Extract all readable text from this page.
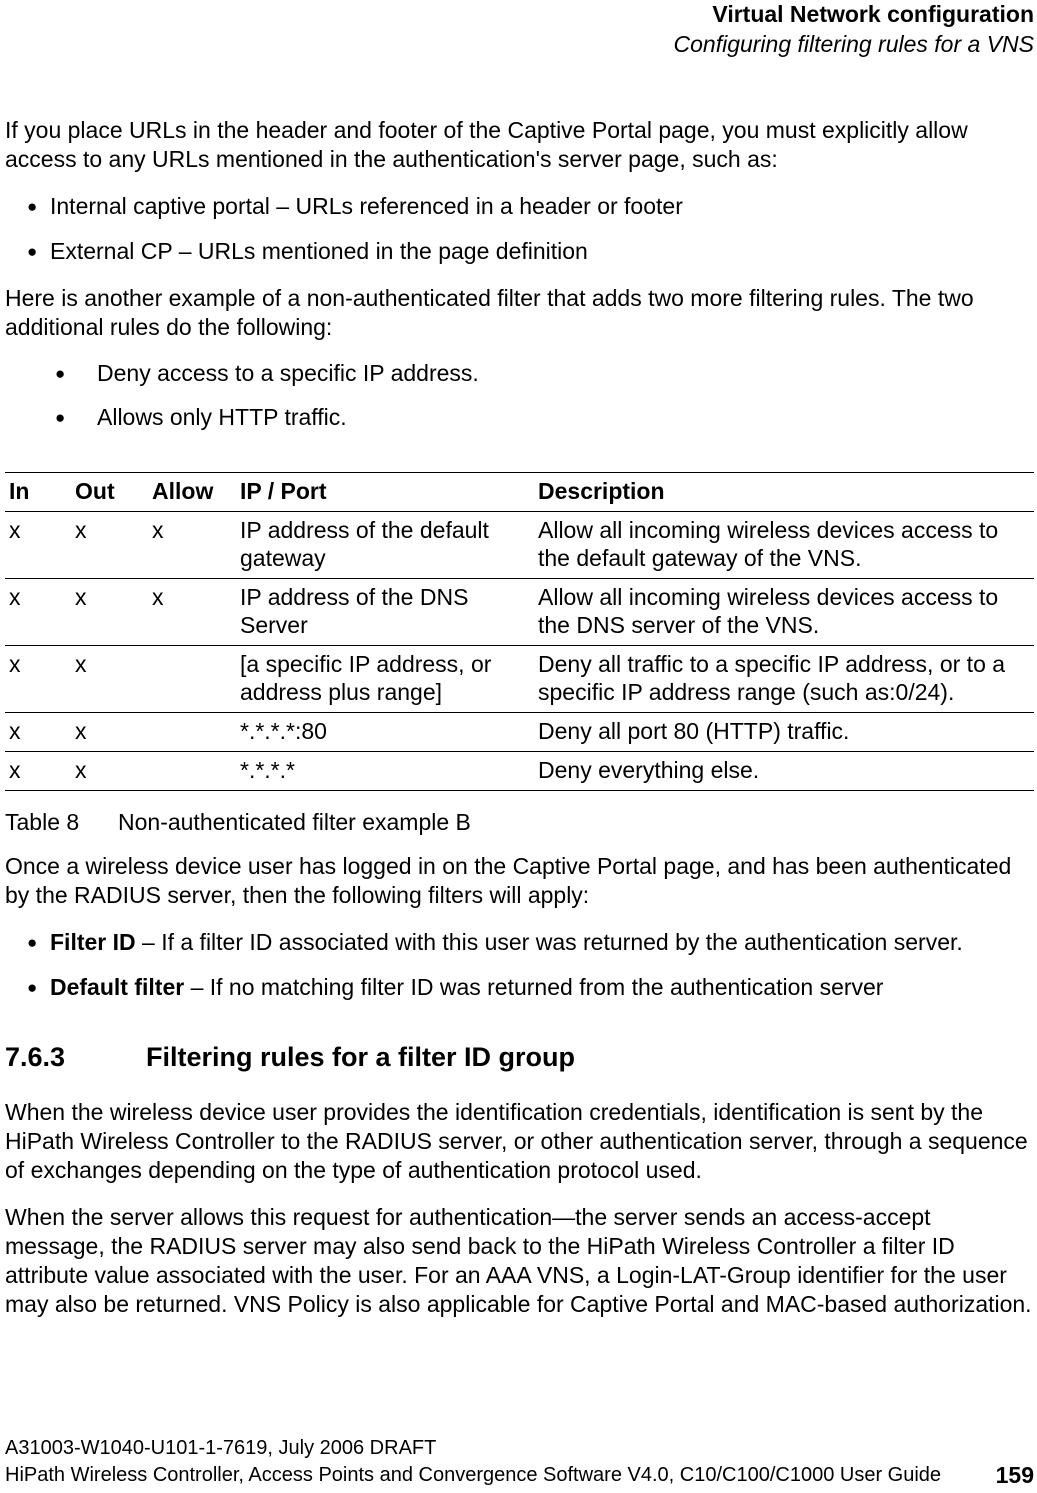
Virtual Network configuration
Configuring filtering rules for a VNS

If you place URLs in the header and footer of the Captive Portal page, you must explicitly allow access to any URLs mentioned in the authentication's server page, such as:

● Internal captive portal – URLs referenced in a header or footer
● External CP – URLs mentioned in the page definition

Here is another example of a non-authenticated filter that adds two more filtering rules. The two additional rules do the following:

● Deny access to a specific IP address.
● Allows only HTTP traffic.
In	Out	Allow	IP / Port	Description
x	x	x	IP address of the default gateway	Allow all incoming wireless devices access to the default gateway of the VNS.
x	x	x	IP address of the DNS Server	Allow all incoming wireless devices access to the DNS server of the VNS.
x	x		[a specific IP address, or address plus range]	Deny all traffic to a specific IP address, or to a specific IP address range (such as:0/24).
x	x		*.*.*.*:80	Deny all port 80 (HTTP) traffic.
x	x		*.*.*.*	Deny everything else.
Table 8 Non-authenticated filter example B

Once a wireless device user has logged in on the Captive Portal page, and has been authenticated by the RADIUS server, then the following filters will apply:

● Filter ID – If a filter ID associated with this user was returned by the authentication server.
● Default filter – If no matching filter ID was returned from the authentication server
7.6.3	Filtering rules for a filter ID group

When the wireless device user provides the identification credentials, identification is sent by the HiPath Wireless Controller to the RADIUS server, or other authentication server, through a sequence of exchanges depending on the type of authentication protocol used.

When the server allows this request for authentication—the server sends an access-accept message, the RADIUS server may also send back to the HiPath Wireless Controller a filter ID attribute value associated with the user. For an AAA VNS, a Login-LAT-Group identifier for the user may also be returned. VNS Policy is also applicable for Captive Portal and MAC-based authorization.

A31003-W1040-U101-1-7619, July 2006 DRAFT
HiPath Wireless Controller, Access Points and Convergence Software V4.0, C10/C100/C1000 User Guide	159
